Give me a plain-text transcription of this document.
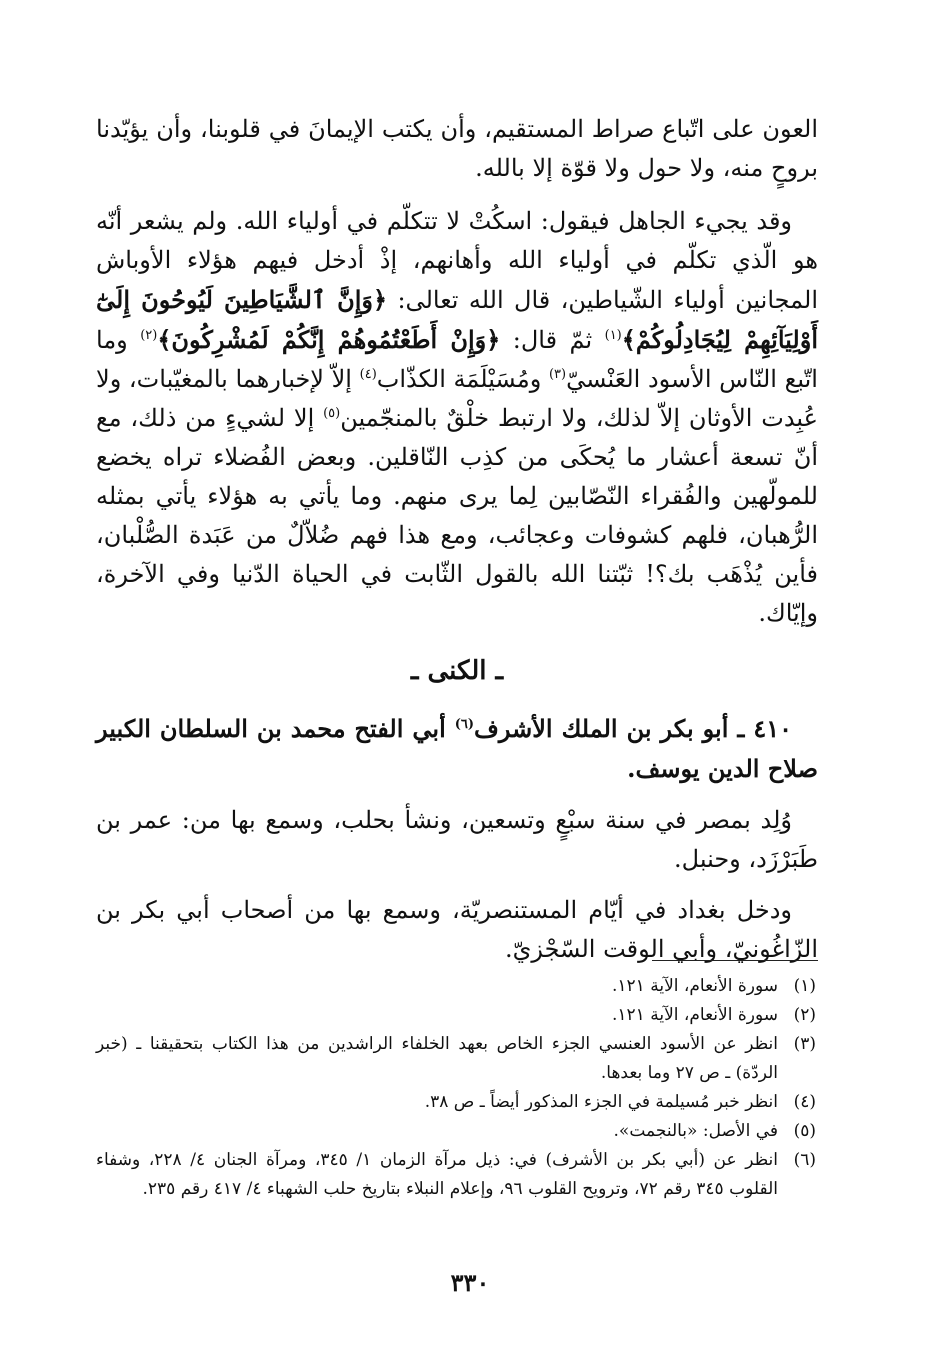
العون على اتّباع صراط المستقيم، وأن يكتب الإيمانَ في قلوبنا، وأن يؤيّدنا بروحٍ منه، ولا حول ولا قوّة إلا بالله.

وقد يجيء الجاهل فيقول: اسكُتْ لا تتكلّم في أولياء الله. ولم يشعر أنّه هو الّذي تكلّم في أولياء الله وأهانهم، إذْ أدخل فيهم هؤلاء الأوباش المجانين أولياء الشّياطين، قال الله تعالى: ﴿وَإِنَّ ٱلشَّيَاطِينَ لَيُوحُونَ إِلَىٰٓ أَوْلِيَآئِهِمْ لِيُجَادِلُوكُمْ﴾$^{(١)}$ ثمّ قال: ﴿وَإِنْ أَطَعْتُمُوهُمْ إِنَّكُمْ لَمُشْرِكُونَ﴾$^{(٢)}$ وما اتّبع النّاس الأسود العَنْسيّ$^{(٣)}$ ومُسَيْلَمَة الكذّاب$^{(٤)}$ إلاّ لإخبارهما بالمغيّبات، ولا عُبِدت الأوثان إلاّ لذلك، ولا ارتبط خلْقٌ بالمنجّمين$^{(٥)}$ إلا لشيءٍ من ذلك، مع أنّ تسعة أعشار ما يُحكَى من كذِب النّاقلين. وبعض الفُضلاء تراه يخضع للمولّهين والفُقراء النّصّابين لِما يرى منهم. وما يأتي به هؤلاء يأتي بمثله الرُّهبان، فلهم كشوفات وعجائب، ومع هذا فهم ضُلاّلٌ من عَبَدة الصُّلْبان، فأين يُذْهَب بك؟! ثبّتنا الله بالقول الثّابت في الحياة الدّنيا وفي الآخرة، وإيّاك.

ـ الكنى ـ

٤١٠ ـ أبو بكر بن الملك الأشرف$^{(٦)}$ أبي الفتح محمد بن السلطان الكبير صلاح الدين يوسف.

وُلِد بمصر في سنة سبْعٍ وتسعين، ونشأ بحلب، وسمع بها من: عمر بن طَبَرْزَد، وحنبل.

ودخل بغداد في أيّام المستنصريّة، وسمع بها من أصحاب أبي بكر بن الزّاغُونيّ، وأبي الوقت السّجْزيّ.

(١)
سورة الأنعام، الآية ١٢١.
(٢)
سورة الأنعام، الآية ١٢١.
(٣)
انظر عن الأسود العنسي الجزء الخاص بعهد الخلفاء الراشدين من هذا الكتاب بتحقيقنا ـ (خبر الردّة) ـ ص ٢٧ وما بعدها.
(٤)
انظر خبر مُسيلمة في الجزء المذكور أيضاً ـ ص ٣٨.
(٥)
في الأصل: «بالنجمت».
(٦)
انظر عن (أبي بكر بن الأشرف) في: ذيل مرآة الزمان ١/ ٣٤٥، ومرآة الجنان ٤/ ٢٢٨، وشفاء القلوب ٣٤٥ رقم ٧٢، وترويح القلوب ٩٦، وإعلام النبلاء بتاريخ حلب الشهباء ٤/ ٤١٧ رقم ٢٣٥.
٣٣٠
